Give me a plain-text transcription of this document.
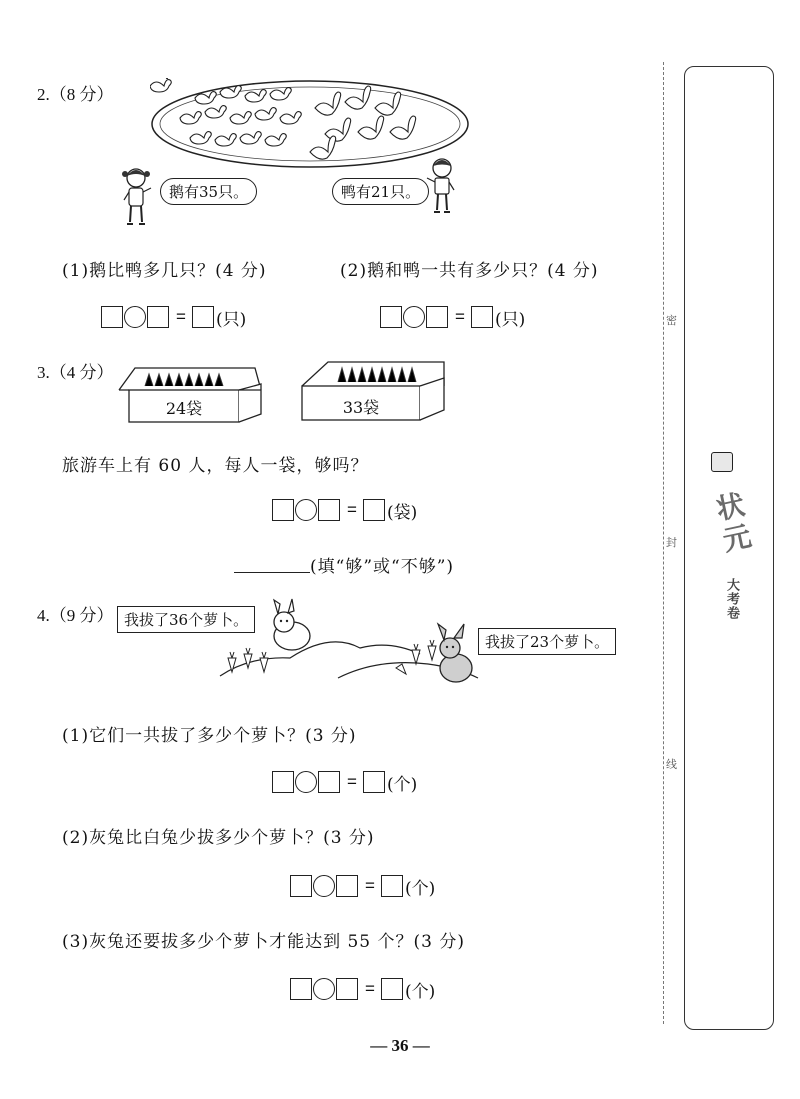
2.（8 分）
鹅有35只。	鸭有21只。
(1)鹅比鸭多几只？(4 分)	(2)鹅和鸭一共有多少只？(4 分)
= (只)	= (只)
3.（4 分）
24袋	33袋
旅游车上有 60 人，每人一袋，够吗？
= (袋)
(填“够”或“不够”)
4.（9 分） 我拔了36个萝卜。
我拔了23个萝卜。
(1)它们一共拔了多少个萝卜？(3 分)
= (个)
(2)灰兔比白兔少拔多少个萝卜？(3 分)
= (个)
(3)灰兔还要拔多少个萝卜才能达到 55 个？(3 分)
= (个)
密
封
线
状元
大考卷
— 36 —
